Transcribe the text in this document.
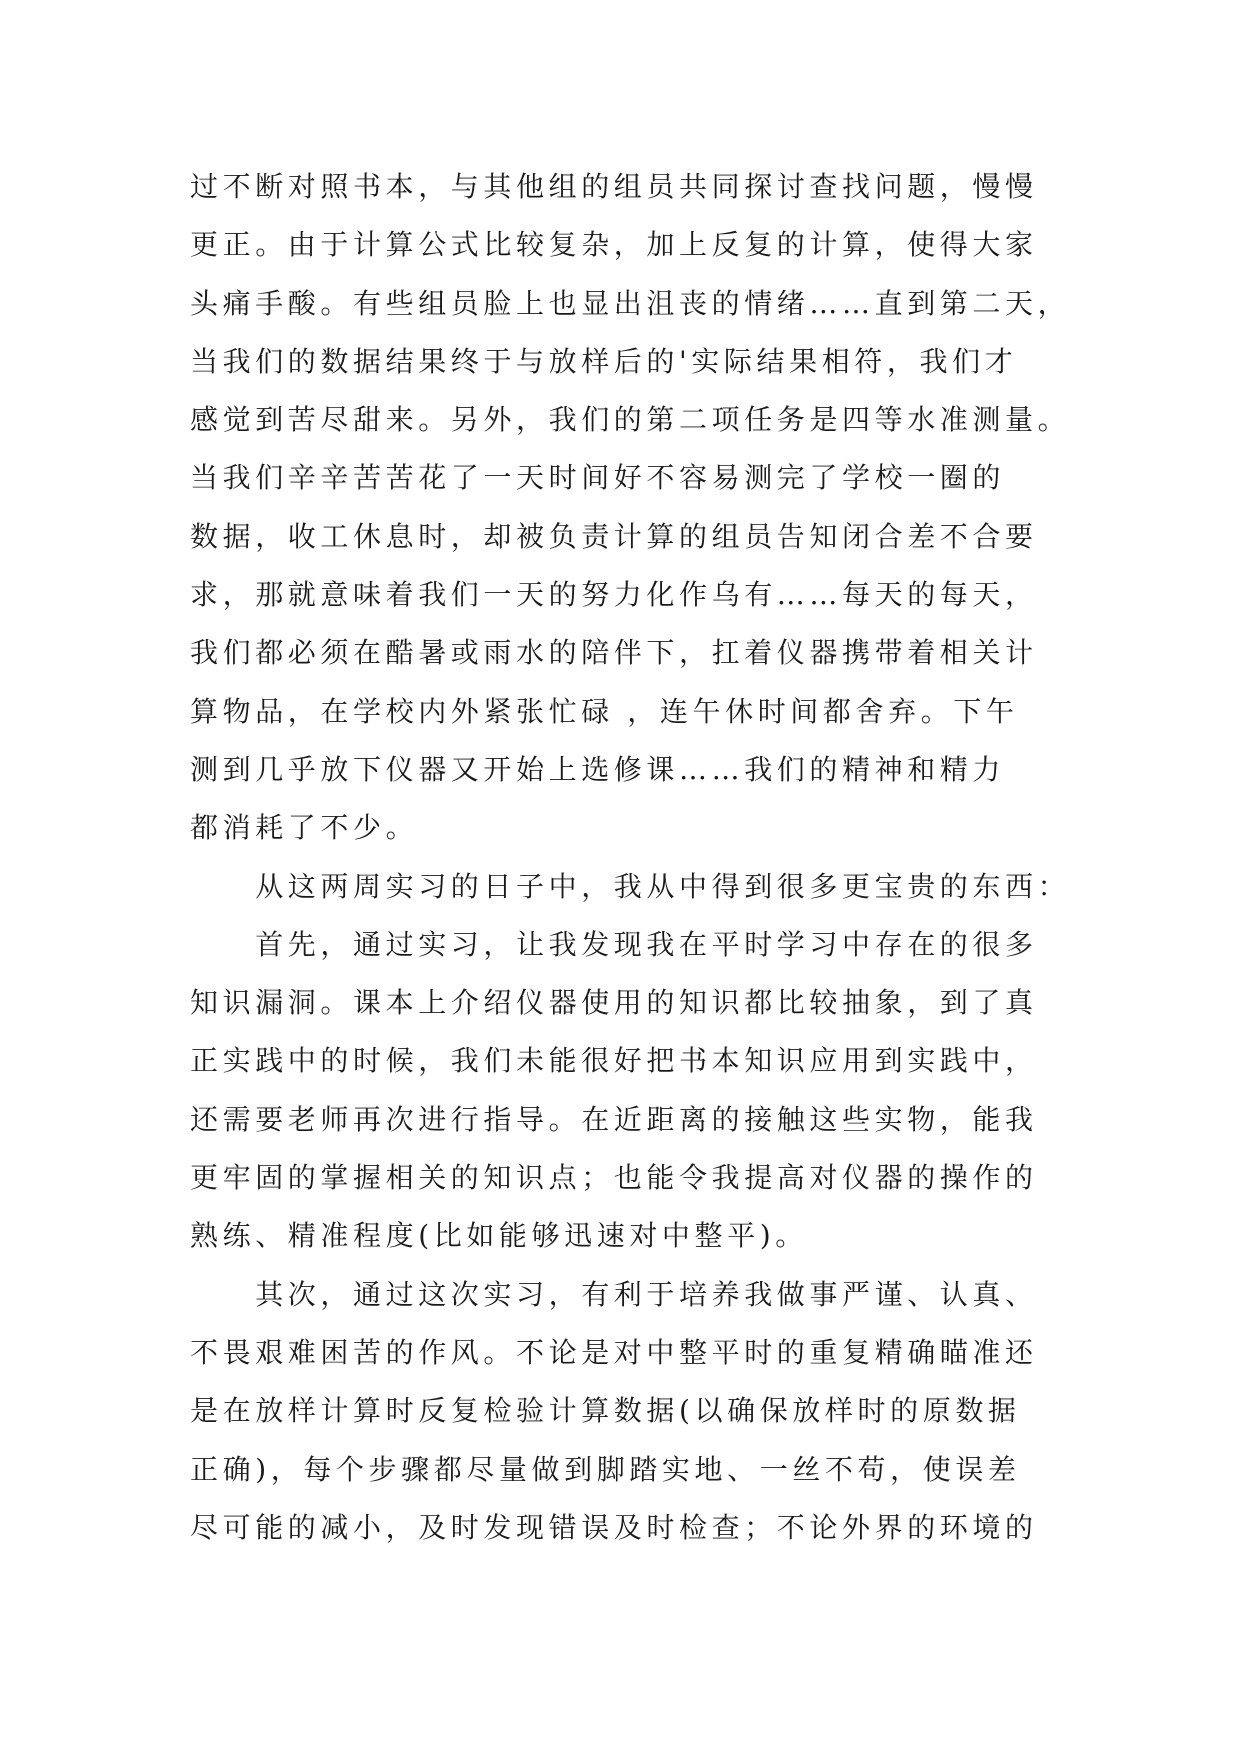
过不断对照书本，与其他组的组员共同探讨查找问题，慢慢
更正。由于计算公式比较复杂，加上反复的计算，使得大家
头痛手酸。有些组员脸上也显出沮丧的情绪……直到第二天，
当我们的数据结果终于与放样后的'实际结果相符，我们才
感觉到苦尽甜来。另外，我们的第二项任务是四等水准测量。
当我们辛辛苦苦花了一天时间好不容易测完了学校一圈的
数据，收工休息时，却被负责计算的组员告知闭合差不合要
求，那就意味着我们一天的努力化作乌有……每天的每天，
我们都必须在酷暑或雨水的陪伴下，扛着仪器携带着相关计
算物品，在学校内外紧张忙碌 ，连午休时间都舍弃。下午
测到几乎放下仪器又开始上选修课……我们的精神和精力
都消耗了不少。
　　从这两周实习的日子中，我从中得到很多更宝贵的东西：
　　首先，通过实习，让我发现我在平时学习中存在的很多
知识漏洞。课本上介绍仪器使用的知识都比较抽象，到了真
正实践中的时候，我们未能很好把书本知识应用到实践中，
还需要老师再次进行指导。在近距离的接触这些实物，能我
更牢固的掌握相关的知识点；也能令我提高对仪器的操作的
熟练、精准程度(比如能够迅速对中整平)。
　　其次，通过这次实习，有利于培养我做事严谨、认真、
不畏艰难困苦的作风。不论是对中整平时的重复精确瞄准还
是在放样计算时反复检验计算数据(以确保放样时的原数据
正确)，每个步骤都尽量做到脚踏实地、一丝不苟，使误差
尽可能的减小，及时发现错误及时检查；不论外界的环境的
